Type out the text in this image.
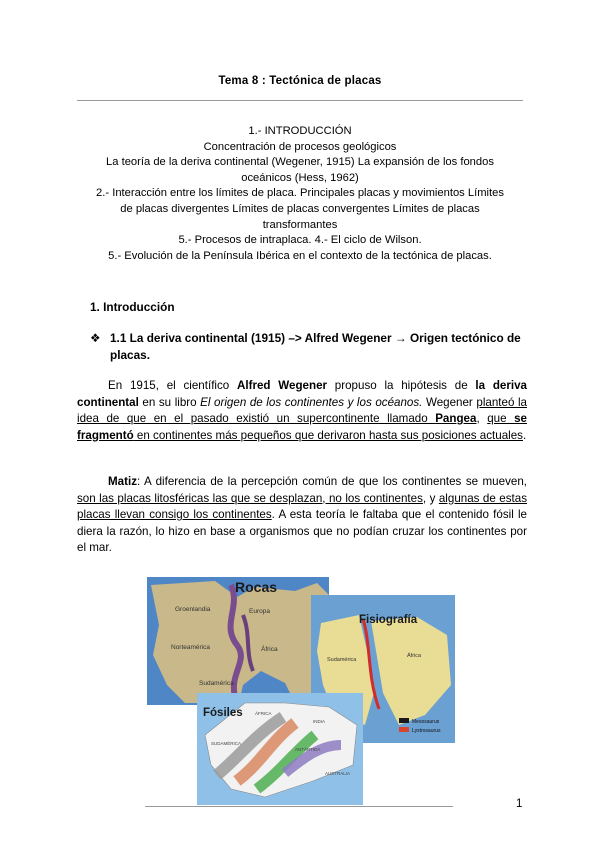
Tema 8 : Tectónica de placas
1.- INTRODUCCIÓN
Concentración de procesos geológicos
La teoría de la deriva continental (Wegener, 1915) La expansión de los fondos
oceánicos (Hess, 1962)
2.- Interacción entre los límites de placa. Principales placas y movimientos Límites
de placas divergentes Límites de placas convergentes Límites de placas
transformantes
5.- Procesos de intraplaca. 4.- El ciclo de Wilson.
5.- Evolución de la Península Ibérica en el contexto de la tectónica de placas.
1. Introducción
❖ 1.1 La deriva continental (1915) –> Alfred Wegener → Origen tectónico de placas.
En 1915, el científico Alfred Wegener propuso la hipótesis de la deriva continental en su libro El origen de los continentes y los océanos. Wegener planteó la idea de que en el pasado existió un supercontinente llamado Pangea, que se fragmentó en continentes más pequeños que derivaron hasta sus posiciones actuales.
Matiz: A diferencia de la percepción común de que los continentes se mueven, son las placas litosféricas las que se desplazan, no los continentes, y algunas de estas placas llevan consigo los continentes. A esta teoría le faltaba que el contenido fósil le diera la razón, lo hizo en base a organismos que no podían cruzar los continentes por el mar.
Rocas
Groenlandia	Europa
Norteamérica
Sudamérica
África
Fisiografía
Sudamérica
África
Mesosaurus
Lystrosaurus
Fósiles	ÁFRICA
INDIA
SUDAMÉRICA
ANTÁRTIDA
AUSTRALIA
1
